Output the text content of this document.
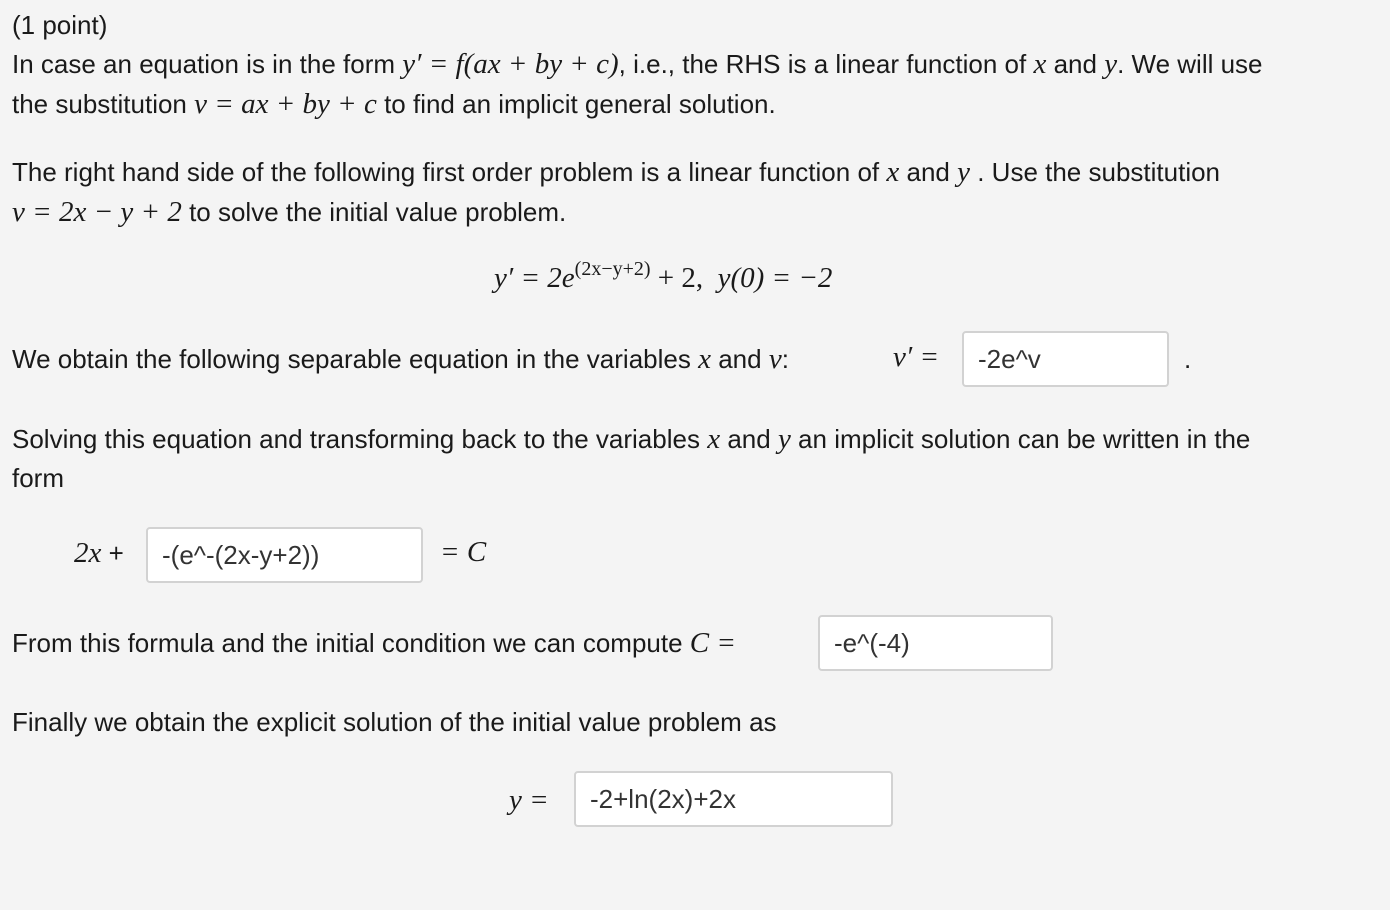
(1 point)
In case an equation is in the form y′ = f(ax + by + c), i.e., the RHS is a linear function of x and y. We will use
the substitution v = ax + by + c to find an implicit general solution.
The right hand side of the following first order problem is a linear function of x and y . Use the substitution
v = 2x − y + 2 to solve the initial value problem.
$y' = 2e^{(2x-y+2)} + 2$, y(0) = −2
We obtain the following separable equation in the variables x and v:	v′ =	-2e^v	.
Solving this equation and transforming back to the variables x and y an implicit solution can be written in the
form
2x +	-(e^-(2x-y+2))	= C
From this formula and the initial condition we can compute C =	-e^(-4)
Finally we obtain the explicit solution of the initial value problem as
y =	-2+ln(2x)+2x
